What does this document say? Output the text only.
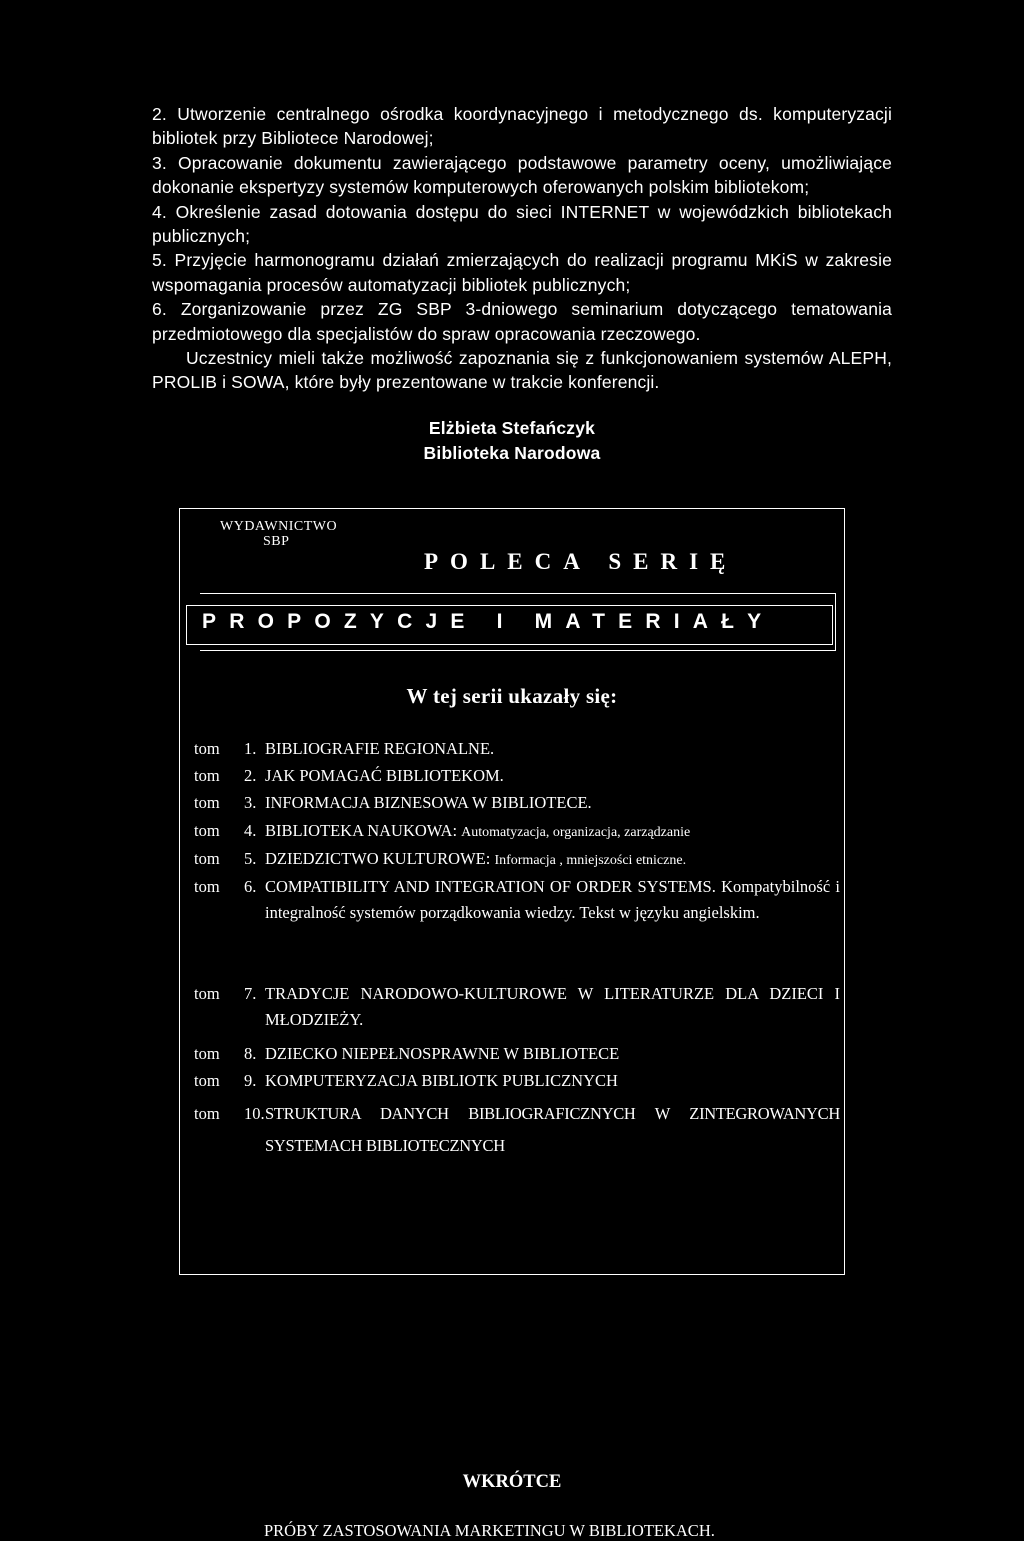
2. Utworzenie centralnego ośrodka koordynacyjnego i metodycznego ds. komputeryzacji bibliotek przy Bibliotece Narodowej;

3. Opracowanie dokumentu zawierającego podstawowe parametry oceny, umożliwiające dokonanie ekspertyzy systemów komputerowych oferowanych polskim bibliotekom;

4. Określenie zasad dotowania dostępu do sieci INTERNET w wojewódzkich bibliotekach publicznych;

5. Przyjęcie harmonogramu działań zmierzających do realizacji programu MKiS w zakresie wspomagania procesów automatyzacji bibliotek publicznych;

6. Zorganizowanie przez ZG SBP 3-dniowego seminarium dotyczącego tematowania przedmiotowego dla specjalistów do spraw opracowania rzeczowego.

Uczestnicy mieli także możliwość zapoznania się z funkcjonowaniem systemów ALEPH, PROLIB i SOWA, które były prezentowane w trakcie konferencji.

Elżbieta Stefańczyk
Biblioteka Narodowa
WYDAWNICTWO
SBP
POLECA SERIĘ
PROPOZYCJE I MATERIAŁY
W tej serii ukazały się:
tom 1. BIBLIOGRAFIE REGIONALNE.
tom 2. JAK POMAGAĆ BIBLIOTEKOM.
tom 3. INFORMACJA BIZNESOWA W BIBLIOTECE.
tom 4. BIBLIOTEKA NAUKOWA: Automatyzacja, organizacja, zarządzanie
tom 5. DZIEDZICTWO KULTUROWE: Informacja , mniejszości etniczne.
tom 6. COMPATIBILITY AND INTEGRATION OF ORDER SYSTEMS. Kompatybilność i integralność systemów porządkowania wiedzy. Tekst w języku angielskim.
tom 7. TRADYCJE NARODOWO-KULTUROWE W LITERATURZE DLA DZIECI I MŁODZIEŻY.
tom 8. DZIECKO NIEPEŁNOSPRAWNE W BIBLIOTECE
tom 9. KOMPUTERYZACJA BIBLIOTK PUBLICZNYCH
tom 10.STRUKTURA DANYCH BIBLIOGRAFICZNYCH W ZINTEGROWANYCH SYSTEMACH BIBLIOTECZNYCH
WKRÓTCE
PRÓBY ZASTOSOWANIA MARKETINGU W BIBLIOTEKACH.
